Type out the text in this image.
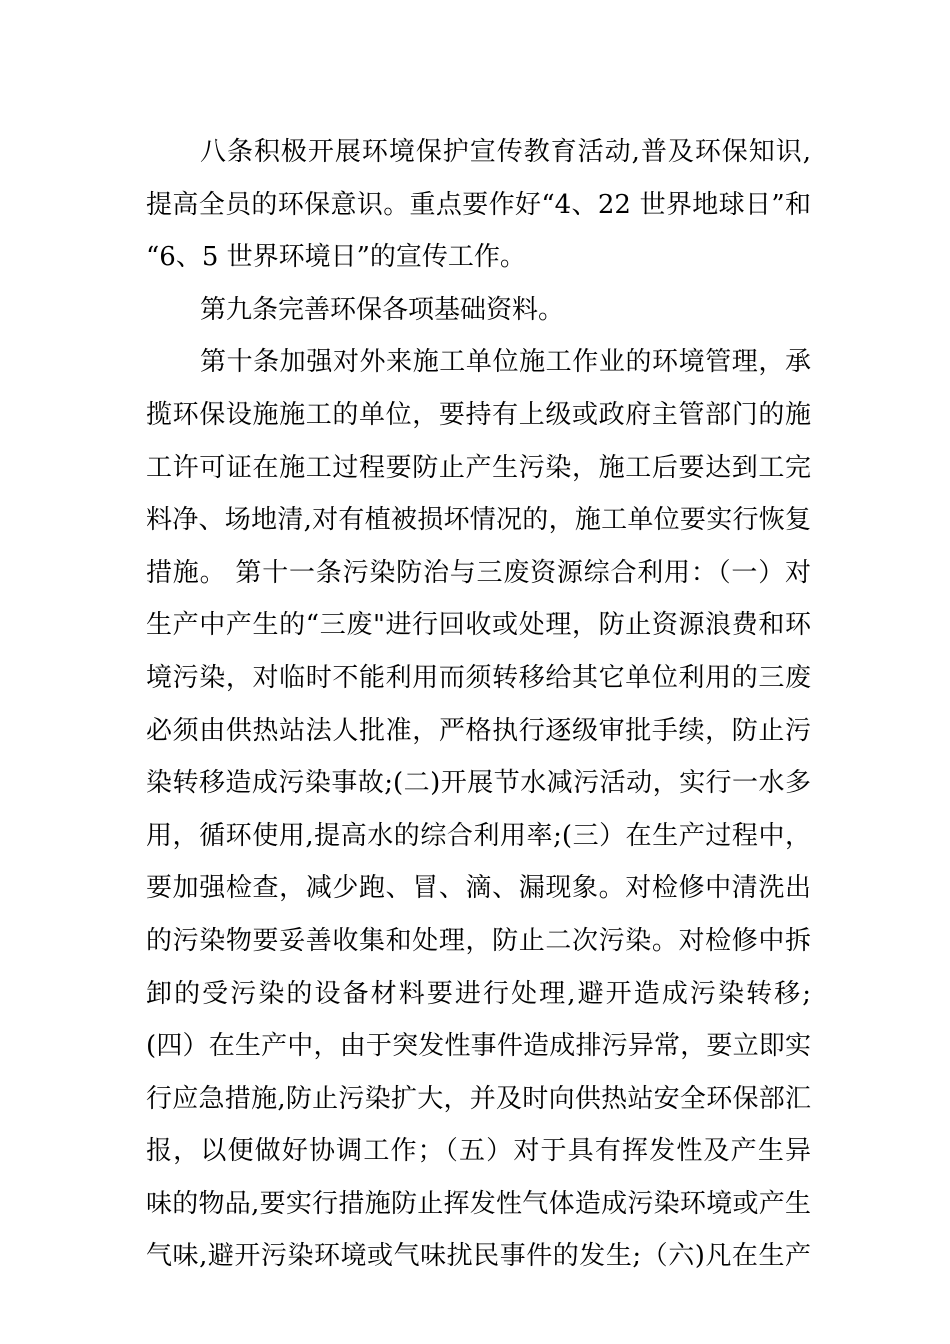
八条积极开展环境保护宣传教育活动,普及环保知识,
提高全员的环保意识。重点要作好“4、22 世界地球日”和
“6、5 世界环境日”的宣传工作。
第九条完善环保各项基础资料。
第十条加强对外来施工单位施工作业的环境管理，承
揽环保设施施工的单位，要持有上级或政府主管部门的施
工许可证在施工过程要防止产生污染，施工后要达到工完
料净、场地清,对有植被损坏情况的，施工单位要实行恢复
措施。 第十一条污染防治与三废资源综合利用：（一）对
生产中产生的“三废"进行回收或处理，防止资源浪费和环
境污染，对临时不能利用而须转移给其它单位利用的三废
必须由供热站法人批准，严格执行逐级审批手续，防止污
染转移造成污染事故;(二)开展节水减污活动，实行一水多
用，循环使用,提高水的综合利用率;(三）在生产过程中，
要加强检查，减少跑、冒、滴、漏现象。对检修中清洗出
的污染物要妥善收集和处理，防止二次污染。对检修中拆
卸的受污染的设备材料要进行处理,避开造成污染转移;
(四）在生产中，由于突发性事件造成排污异常，要立即实
行应急措施,防止污染扩大，并及时向供热站安全环保部汇
报，以便做好协调工作；（五）对于具有挥发性及产生异
味的物品,要实行措施防止挥发性气体造成污染环境或产生
气味,避开污染环境或气味扰民事件的发生;（六)凡在生产
